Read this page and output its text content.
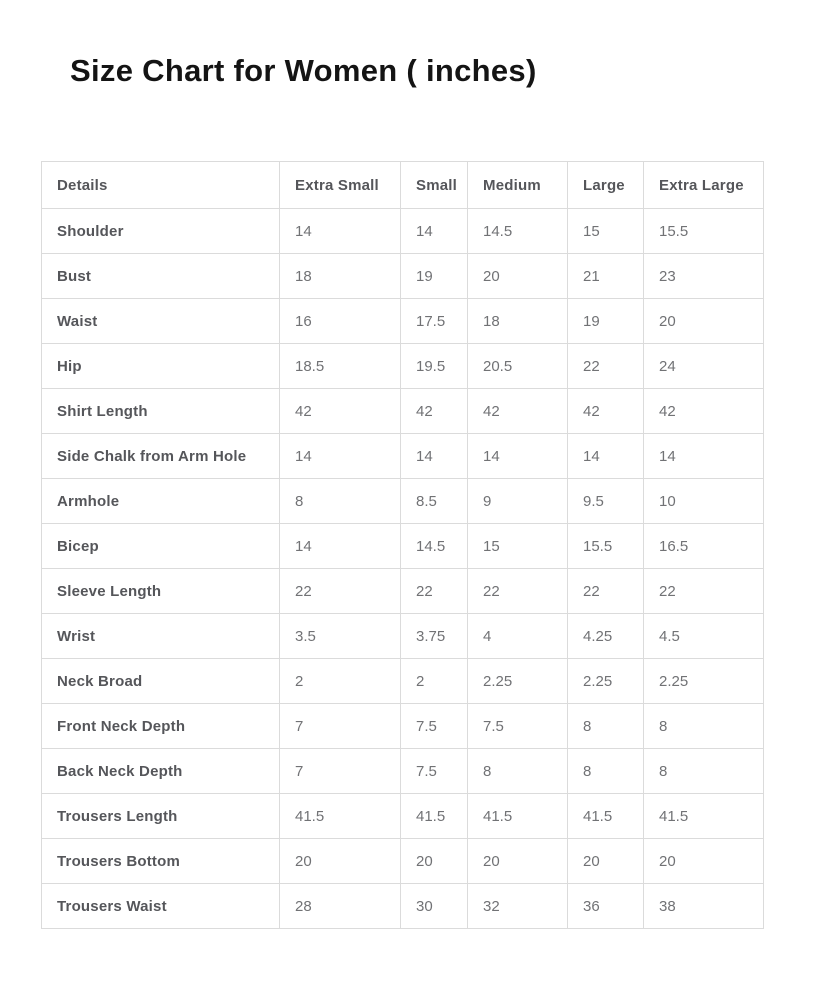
Size Chart for Women ( inches)
Details	Extra Small	Small	Medium	Large	Extra Large
Shoulder	14	14	14.5	15	15.5
Bust	18	19	20	21	23
Waist	16	17.5	18	19	20
Hip	18.5	19.5	20.5	22	24
Shirt Length	42	42	42	42	42
Side Chalk from Arm Hole	14	14	14	14	14
Armhole	8	8.5	9	9.5	10
Bicep	14	14.5	15	15.5	16.5
Sleeve Length	22	22	22	22	22
Wrist	3.5	3.75	4	4.25	4.5
Neck Broad	2	2	2.25	2.25	2.25
Front Neck Depth	7	7.5	7.5	8	8
Back Neck Depth	7	7.5	8	8	8
Trousers Length	41.5	41.5	41.5	41.5	41.5
Trousers Bottom	20	20	20	20	20
Trousers Waist	28	30	32	36	38
